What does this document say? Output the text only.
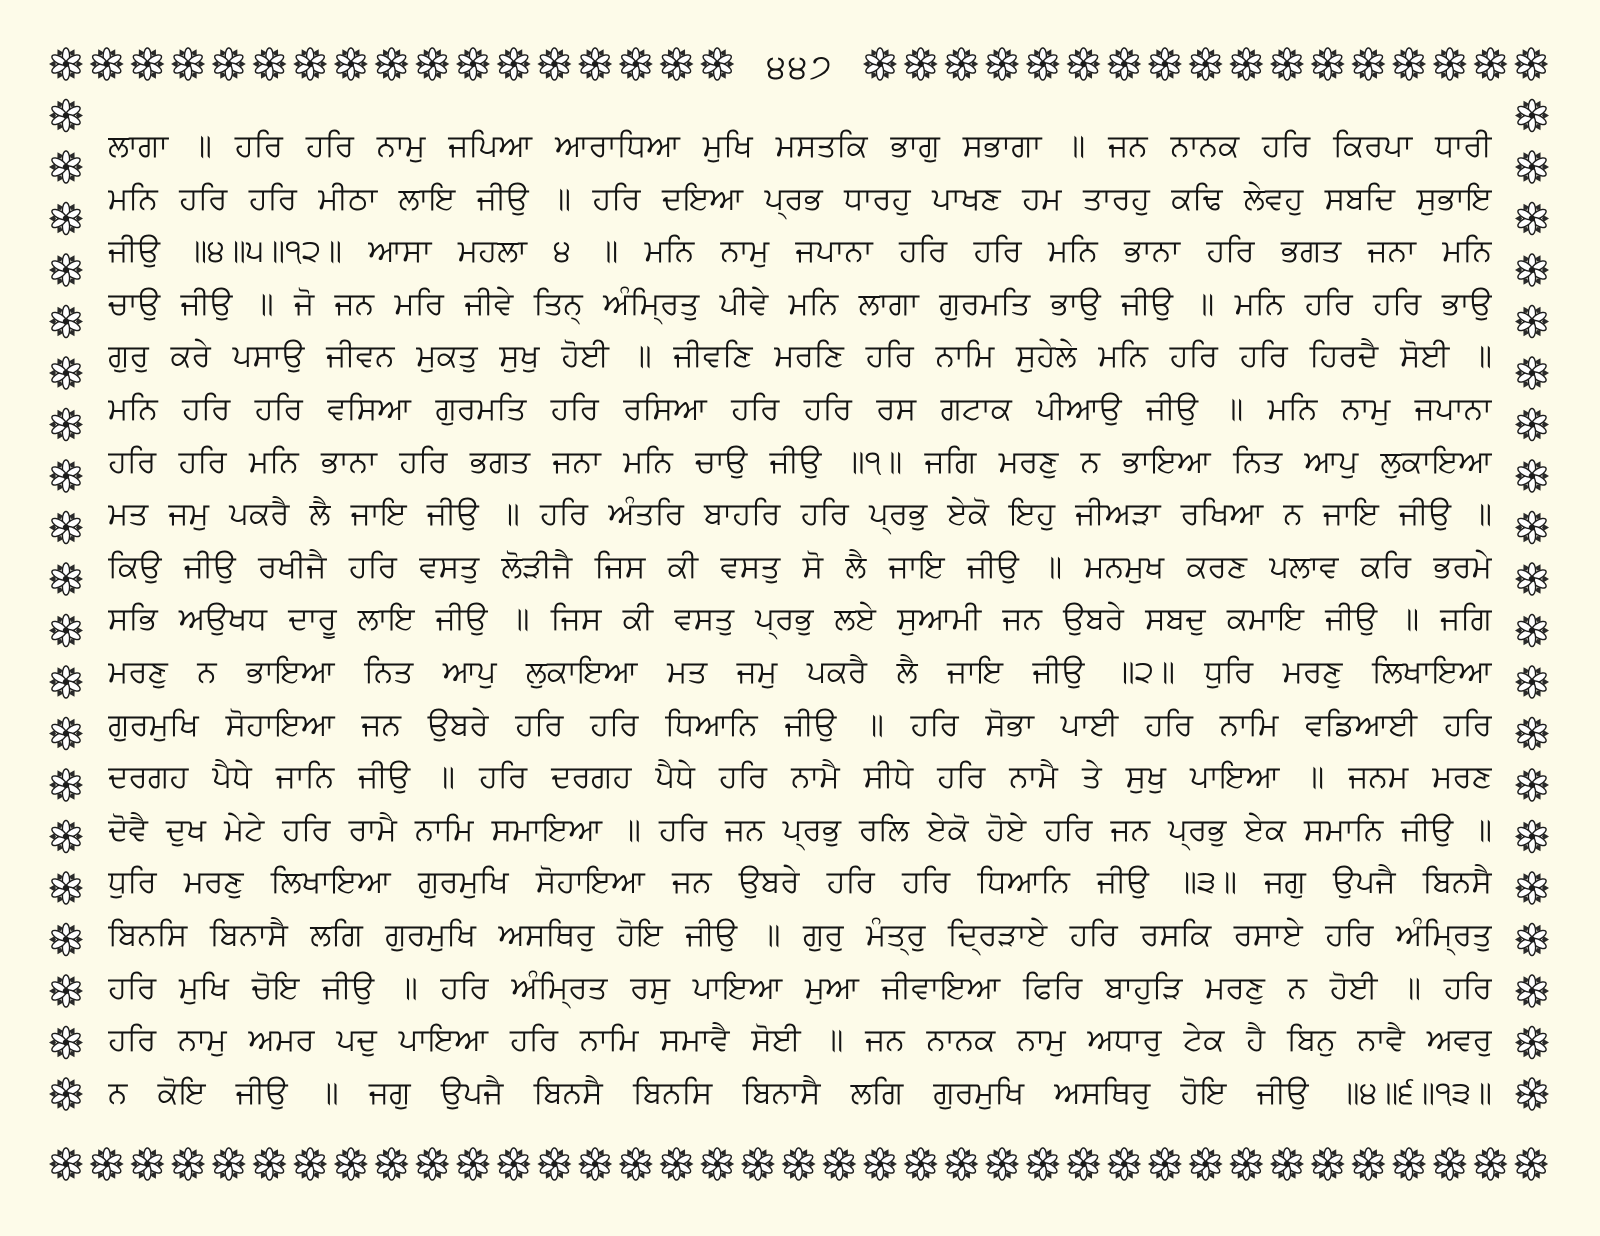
੪੪੭
ਲਾਗਾ ॥ ਹਰਿ ਹਰਿ ਨਾਮੁ ਜਪਿਆ ਆਰਾਧਿਆ ਮੁਖਿ ਮਸਤਕਿ ਭਾਗੁ ਸਭਾਗਾ ॥ ਜਨ ਨਾਨਕ ਹਰਿ ਕਿਰਪਾ ਧਾਰੀ
ਮਨਿ ਹਰਿ ਹਰਿ ਮੀਠਾ ਲਾਇ ਜੀਉ ॥ ਹਰਿ ਦਇਆ ਪ੍ਰਭ ਧਾਰਹੁ ਪਾਖਣ ਹਮ ਤਾਰਹੁ ਕਢਿ ਲੇਵਹੁ ਸਬਦਿ ਸੁਭਾਇ
ਜੀਉ ॥੪॥੫॥੧੨॥ ਆਸਾ ਮਹਲਾ ੪ ॥ ਮਨਿ ਨਾਮੁ ਜਪਾਨਾ ਹਰਿ ਹਰਿ ਮਨਿ ਭਾਨਾ ਹਰਿ ਭਗਤ ਜਨਾ ਮਨਿ
ਚਾਉ ਜੀਉ ॥ ਜੋ ਜਨ ਮਰਿ ਜੀਵੇ ਤਿਨ੍ ਅੰਮ੍ਰਿਤੁ ਪੀਵੇ ਮਨਿ ਲਾਗਾ ਗੁਰਮਤਿ ਭਾਉ ਜੀਉ ॥ ਮਨਿ ਹਰਿ ਹਰਿ ਭਾਉ
ਗੁਰੁ ਕਰੇ ਪਸਾਉ ਜੀਵਨ ਮੁਕਤੁ ਸੁਖੁ ਹੋਈ ॥ ਜੀਵਣਿ ਮਰਣਿ ਹਰਿ ਨਾਮਿ ਸੁਹੇਲੇ ਮਨਿ ਹਰਿ ਹਰਿ ਹਿਰਦੈ ਸੋਈ ॥
ਮਨਿ ਹਰਿ ਹਰਿ ਵਸਿਆ ਗੁਰਮਤਿ ਹਰਿ ਰਸਿਆ ਹਰਿ ਹਰਿ ਰਸ ਗਟਾਕ ਪੀਆਉ ਜੀਉ ॥ ਮਨਿ ਨਾਮੁ ਜਪਾਨਾ
ਹਰਿ ਹਰਿ ਮਨਿ ਭਾਨਾ ਹਰਿ ਭਗਤ ਜਨਾ ਮਨਿ ਚਾਉ ਜੀਉ ॥੧॥ ਜਗਿ ਮਰਣੁ ਨ ਭਾਇਆ ਨਿਤ ਆਪੁ ਲੁਕਾਇਆ
ਮਤ ਜਮੁ ਪਕਰੈ ਲੈ ਜਾਇ ਜੀਉ ॥ ਹਰਿ ਅੰਤਰਿ ਬਾਹਰਿ ਹਰਿ ਪ੍ਰਭੁ ਏਕੋ ਇਹੁ ਜੀਅੜਾ ਰਖਿਆ ਨ ਜਾਇ ਜੀਉ ॥
ਕਿਉ ਜੀਉ ਰਖੀਜੈ ਹਰਿ ਵਸਤੁ ਲੋੜੀਜੈ ਜਿਸ ਕੀ ਵਸਤੁ ਸੋ ਲੈ ਜਾਇ ਜੀਉ ॥ ਮਨਮੁਖ ਕਰਣ ਪਲਾਵ ਕਰਿ ਭਰਮੇ
ਸਭਿ ਅਉਖਧ ਦਾਰੂ ਲਾਇ ਜੀਉ ॥ ਜਿਸ ਕੀ ਵਸਤੁ ਪ੍ਰਭੁ ਲਏ ਸੁਆਮੀ ਜਨ ਉਬਰੇ ਸਬਦੁ ਕਮਾਇ ਜੀਉ ॥ ਜਗਿ
ਮਰਣੁ ਨ ਭਾਇਆ ਨਿਤ ਆਪੁ ਲੁਕਾਇਆ ਮਤ ਜਮੁ ਪਕਰੈ ਲੈ ਜਾਇ ਜੀਉ ॥੨॥ ਧੁਰਿ ਮਰਣੁ ਲਿਖਾਇਆ
ਗੁਰਮੁਖਿ ਸੋਹਾਇਆ ਜਨ ਉਬਰੇ ਹਰਿ ਹਰਿ ਧਿਆਨਿ ਜੀਉ ॥ ਹਰਿ ਸੋਭਾ ਪਾਈ ਹਰਿ ਨਾਮਿ ਵਡਿਆਈ ਹਰਿ
ਦਰਗਹ ਪੈਧੇ ਜਾਨਿ ਜੀਉ ॥ ਹਰਿ ਦਰਗਹ ਪੈਧੇ ਹਰਿ ਨਾਮੈ ਸੀਧੇ ਹਰਿ ਨਾਮੈ ਤੇ ਸੁਖੁ ਪਾਇਆ ॥ ਜਨਮ ਮਰਣ
ਦੋਵੈ ਦੁਖ ਮੇਟੇ ਹਰਿ ਰਾਮੈ ਨਾਮਿ ਸਮਾਇਆ ॥ ਹਰਿ ਜਨ ਪ੍ਰਭੁ ਰਲਿ ਏਕੋ ਹੋਏ ਹਰਿ ਜਨ ਪ੍ਰਭੁ ਏਕ ਸਮਾਨਿ ਜੀਉ ॥
ਧੁਰਿ ਮਰਣੁ ਲਿਖਾਇਆ ਗੁਰਮੁਖਿ ਸੋਹਾਇਆ ਜਨ ਉਬਰੇ ਹਰਿ ਹਰਿ ਧਿਆਨਿ ਜੀਉ ॥੩॥ ਜਗੁ ਉਪਜੈ ਬਿਨਸੈ
ਬਿਨਸਿ ਬਿਨਾਸੈ ਲਗਿ ਗੁਰਮੁਖਿ ਅਸਥਿਰੁ ਹੋਇ ਜੀਉ ॥ ਗੁਰੁ ਮੰਤ੍ਰੁ ਦ੍ਰਿੜਾਏ ਹਰਿ ਰਸਕਿ ਰਸਾਏ ਹਰਿ ਅੰਮ੍ਰਿਤੁ
ਹਰਿ ਮੁਖਿ ਚੋਇ ਜੀਉ ॥ ਹਰਿ ਅੰਮ੍ਰਿਤ ਰਸੁ ਪਾਇਆ ਮੁਆ ਜੀਵਾਇਆ ਫਿਰਿ ਬਾਹੁੜਿ ਮਰਣੁ ਨ ਹੋਈ ॥ ਹਰਿ
ਹਰਿ ਨਾਮੁ ਅਮਰ ਪਦੁ ਪਾਇਆ ਹਰਿ ਨਾਮਿ ਸਮਾਵੈ ਸੋਈ ॥ ਜਨ ਨਾਨਕ ਨਾਮੁ ਅਧਾਰੁ ਟੇਕ ਹੈ ਬਿਨੁ ਨਾਵੈ ਅਵਰੁ
ਨ ਕੋਇ ਜੀਉ ॥ ਜਗੁ ਉਪਜੈ ਬਿਨਸੈ ਬਿਨਸਿ ਬਿਨਾਸੈ ਲਗਿ ਗੁਰਮੁਖਿ ਅਸਥਿਰੁ ਹੋਇ ਜੀਉ ॥੪॥੬॥੧੩॥
